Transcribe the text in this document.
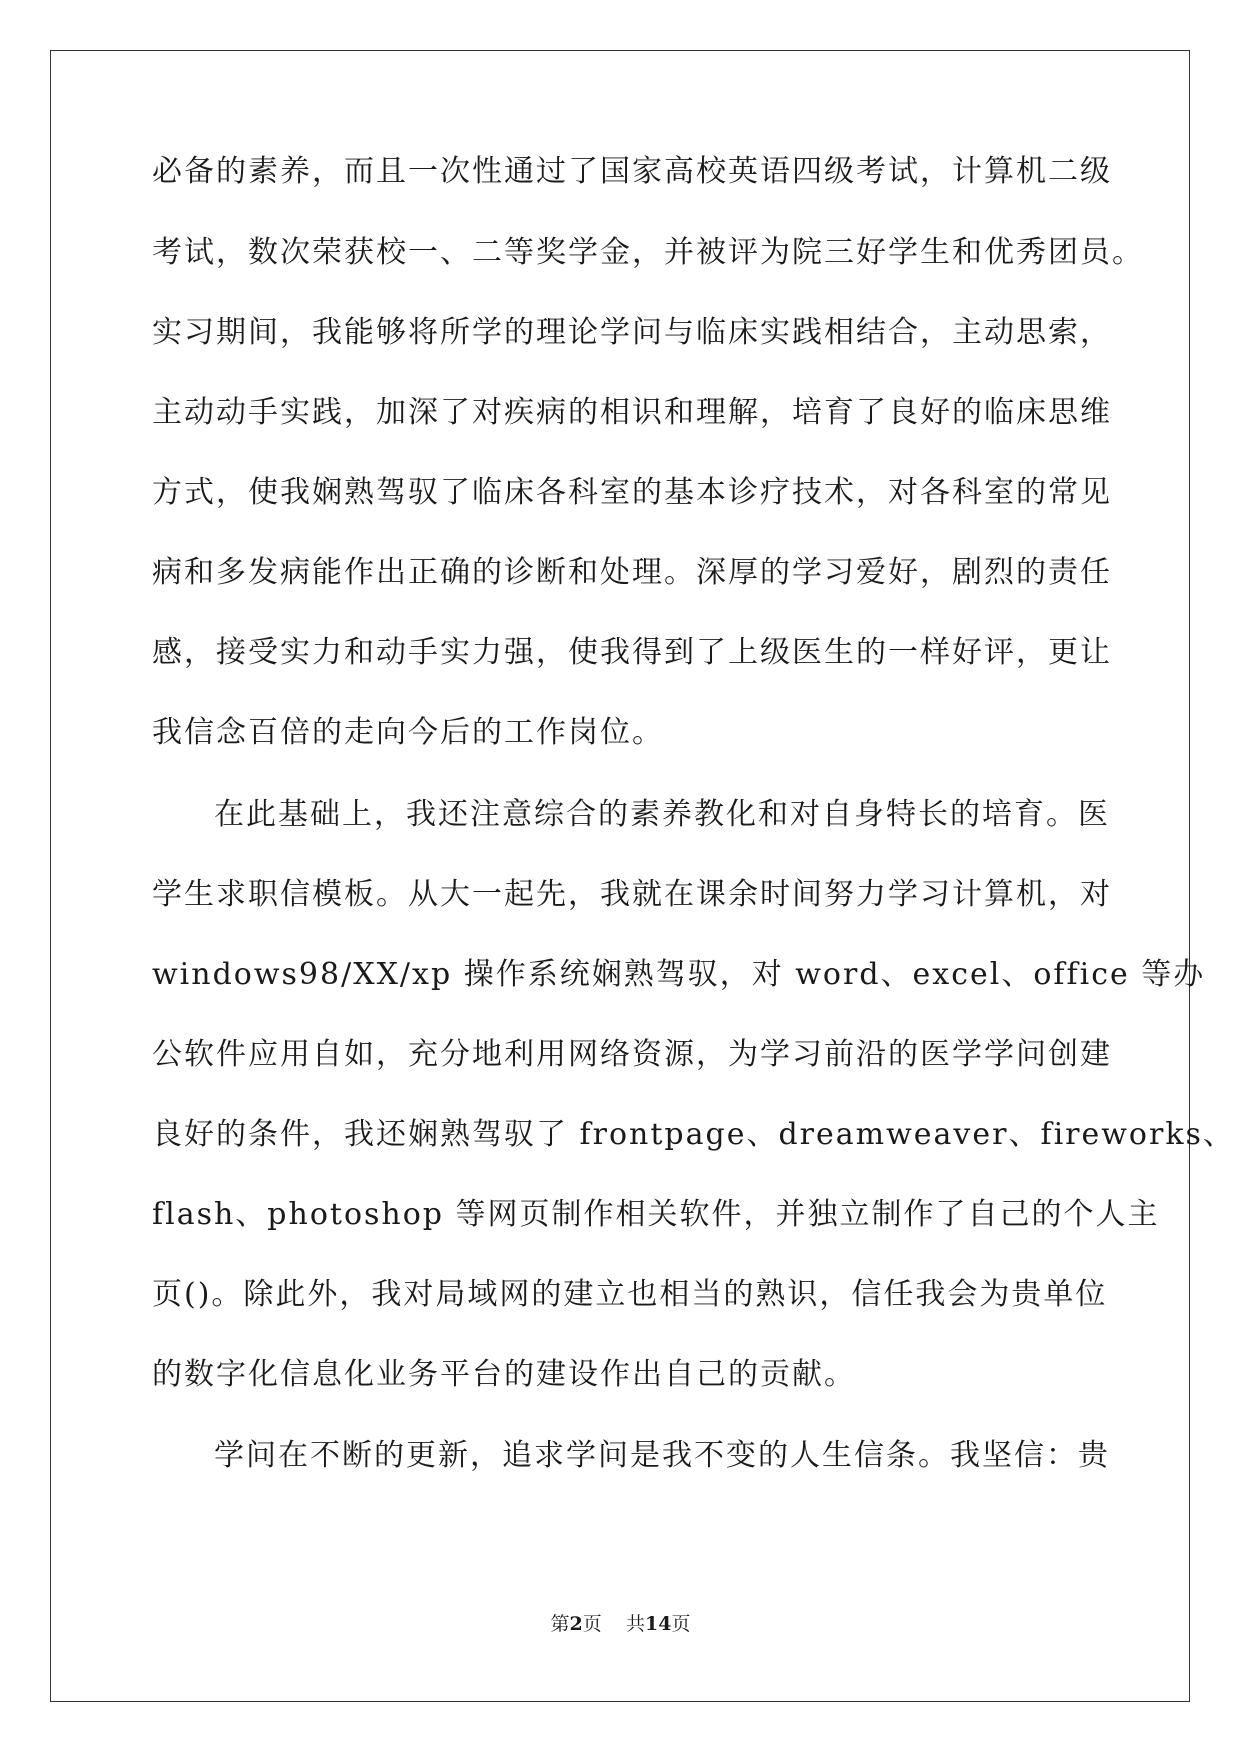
必备的素养，而且一次性通过了国家高校英语四级考试，计算机二级
考试，数次荣获校一、二等奖学金，并被评为院三好学生和优秀团员。
实习期间，我能够将所学的理论学问与临床实践相结合，主动思索，
主动动手实践，加深了对疾病的相识和理解，培育了良好的临床思维
方式，使我娴熟驾驭了临床各科室的基本诊疗技术，对各科室的常见
病和多发病能作出正确的诊断和处理。深厚的学习爱好，剧烈的责任
感，接受实力和动手实力强，使我得到了上级医生的一样好评，更让
我信念百倍的走向今后的工作岗位。
在此基础上，我还注意综合的素养教化和对自身特长的培育。医
学生求职信模板。从大一起先，我就在课余时间努力学习计算机，对
windows98/XX/xp 操作系统娴熟驾驭，对 word、excel、office 等办
公软件应用自如，充分地利用网络资源，为学习前沿的医学学问创建
良好的条件，我还娴熟驾驭了 frontpage、dreamweaver、fireworks、
flash、photoshop 等网页制作相关软件，并独立制作了自己的个人主
页()。除此外，我对局域网的建立也相当的熟识，信任我会为贵单位
的数字化信息化业务平台的建设作出自己的贡献。
学问在不断的更新，追求学问是我不变的人生信条。我坚信：贵
第2页 共14页
